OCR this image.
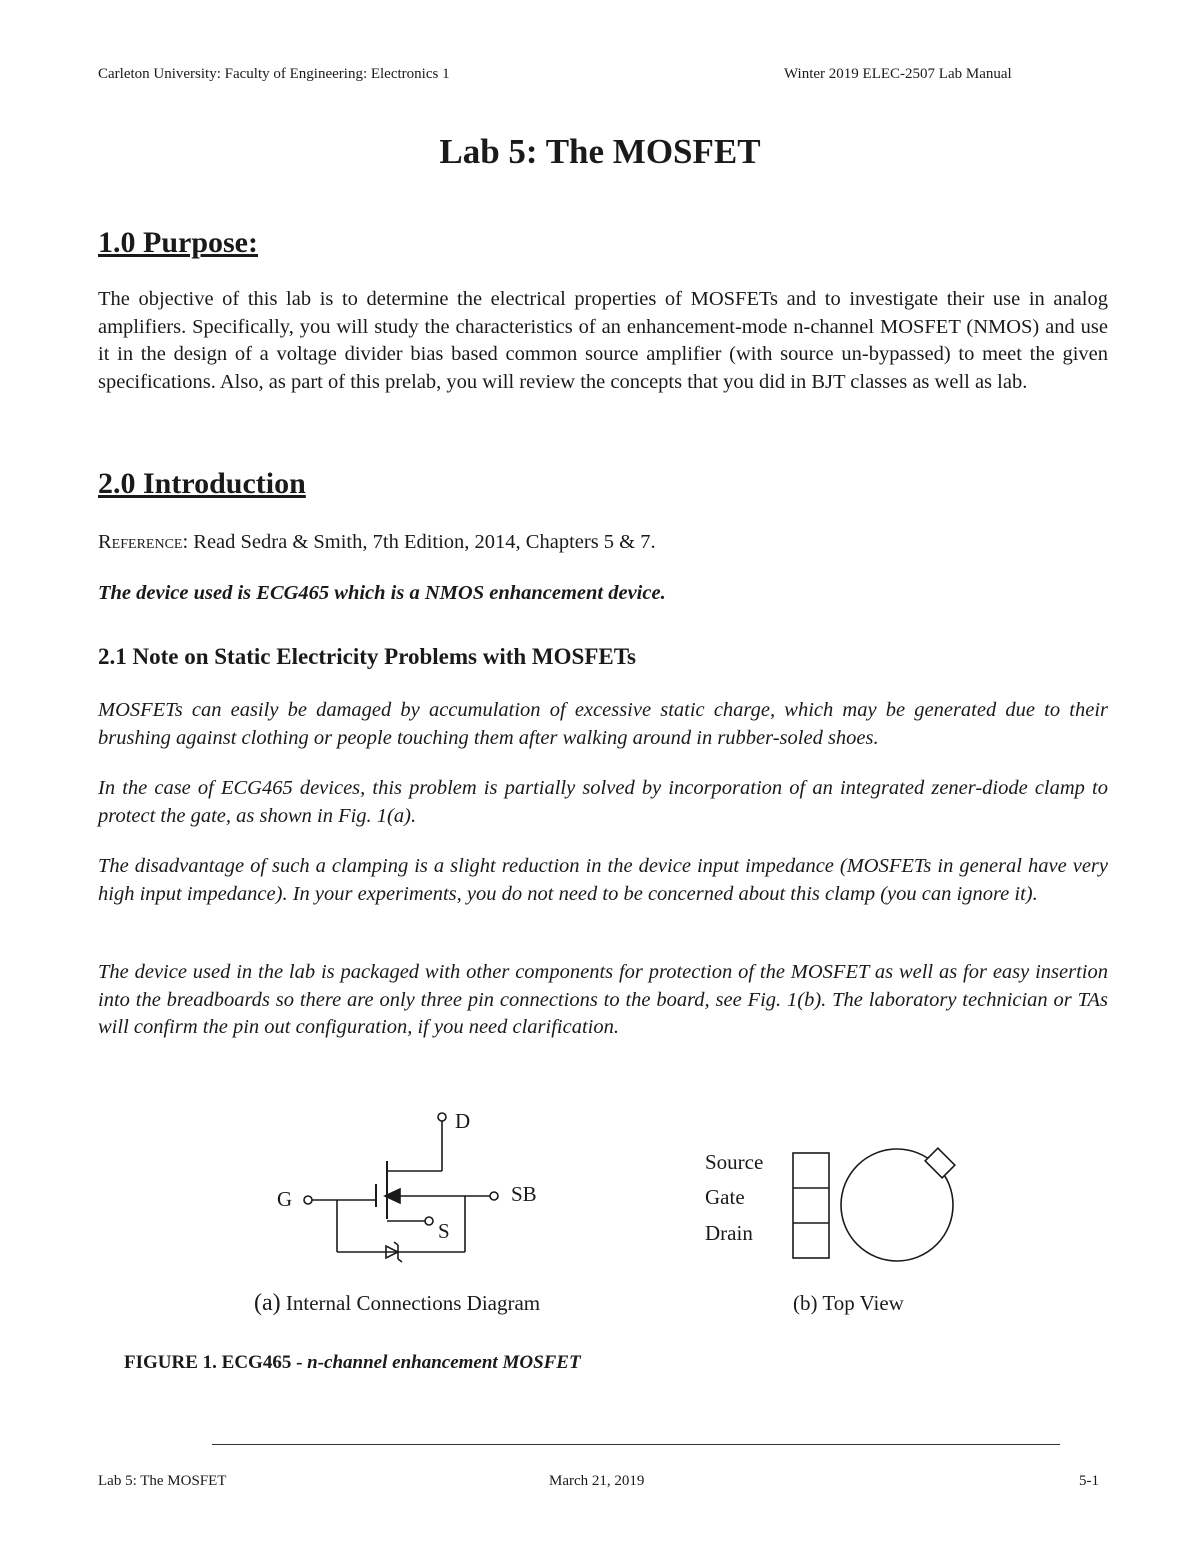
Carleton University: Faculty of Engineering: Electronics 1	Winter 2019 ELEC-2507 Lab Manual
Lab 5: The MOSFET
1.0 Purpose:

The objective of this lab is to determine the electrical properties of MOSFETs and to investigate their use in analog amplifiers. Specifically, you will study the characteristics of an enhancement-mode n-channel MOSFET (NMOS) and use it in the design of a voltage divider bias based common source amplifier (with source un-bypassed) to meet the given specifications. Also, as part of this prelab, you will review the concepts that you did in BJT classes as well as lab.

2.0 Introduction

Reference: Read Sedra & Smith, 7th Edition, 2014, Chapters 5 & 7.

The device used is ECG465 which is a NMOS enhancement device.

2.1 Note on Static Electricity Problems with MOSFETs

MOSFETs can easily be damaged by accumulation of excessive static charge, which may be generated due to their brushing against clothing or people touching them after walking around in rubber-soled shoes.

In the case of ECG465 devices, this problem is partially solved by incorporation of an integrated zener-diode clamp to protect the gate, as shown in Fig. 1(a).

The disadvantage of such a clamping is a slight reduction in the device input impedance (MOSFETs in general have very high input impedance). In your experiments, you do not need to be concerned about this clamp (you can ignore it).

The device used in the lab is packaged with other components for protection of the MOSFET as well as for easy insertion into the breadboards so there are only three pin connections to the board, see Fig. 1(b). The laboratory technician or TAs will confirm the pin out configuration, if you need clarification.

D
G	SB
S
Source
Gate
Drain
(a) Internal Connections Diagram	(b) Top View
FIGURE 1. ECG465 - n-channel enhancement MOSFET
Lab 5: The MOSFET	March 21, 2019	5-1
